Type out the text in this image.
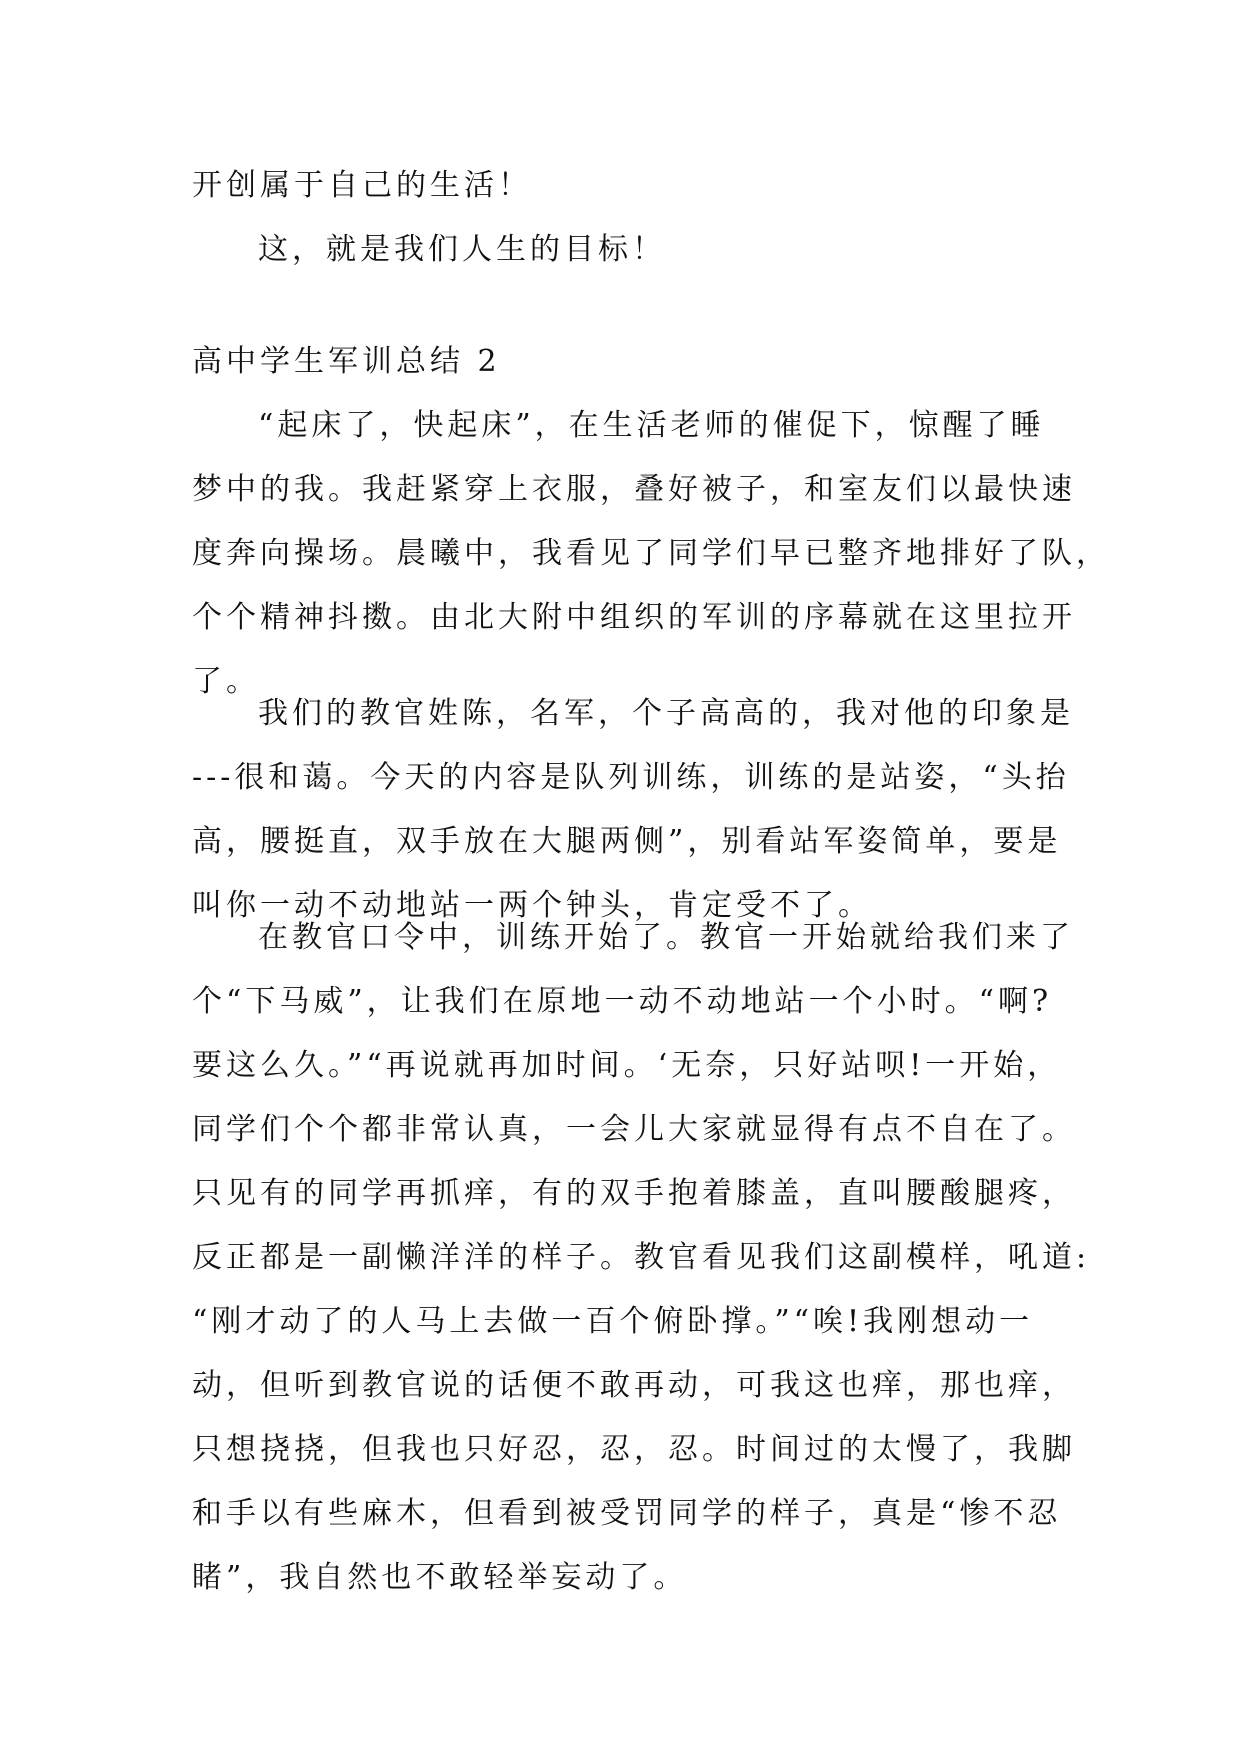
开创属于自己的生活！
这，就是我们人生的目标！
高中学生军训总结 2
“起床了，快起床”，在生活老师的催促下，惊醒了睡
梦中的我。我赶紧穿上衣服，叠好被子，和室友们以最快速
度奔向操场。晨曦中，我看见了同学们早已整齐地排好了队，
个个精神抖擞。由北大附中组织的军训的序幕就在这里拉开
了。
我们的教官姓陈，名军，个子高高的，我对他的印象是
---很和蔼。今天的内容是队列训练，训练的是站姿，“头抬
高，腰挺直，双手放在大腿两侧”，别看站军姿简单，要是
叫你一动不动地站一两个钟头，肯定受不了。
在教官口令中，训练开始了。教官一开始就给我们来了
个“下马威”，让我们在原地一动不动地站一个小时。“啊?
要这么久。”“再说就再加时间。‘无奈，只好站呗!一开始，
同学们个个都非常认真，一会儿大家就显得有点不自在了。
只见有的同学再抓痒，有的双手抱着膝盖，直叫腰酸腿疼，
反正都是一副懒洋洋的样子。教官看见我们这副模样，吼道:
“刚才动了的人马上去做一百个俯卧撑。”“唉!我刚想动一
动，但听到教官说的话便不敢再动，可我这也痒，那也痒，
只想挠挠，但我也只好忍，忍，忍。时间过的太慢了，我脚
和手以有些麻木，但看到被受罚同学的样子，真是“惨不忍
睹”，我自然也不敢轻举妄动了。
